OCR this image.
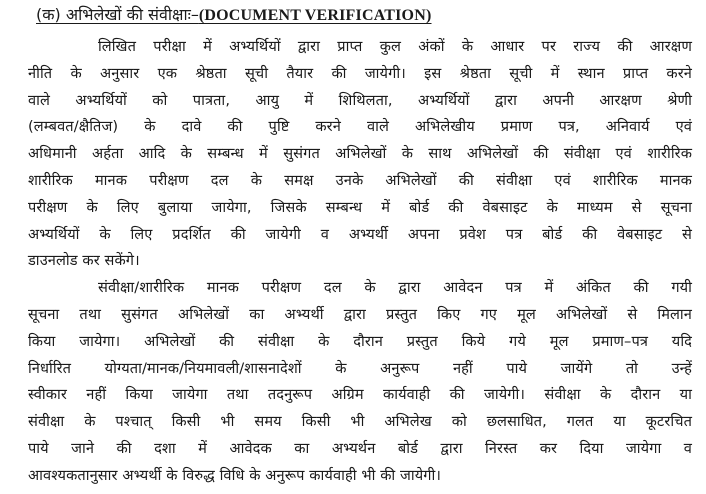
(क) अभिलेखों की संवीक्षाः–(DOCUMENT VERIFICATION)
लिखित परीक्षा में अभ्यर्थियों द्वारा प्राप्त कुल अंकों के आधार पर राज्य की आरक्षण
नीति के अनुसार एक श्रेष्ठता सूची तैयार की जायेगी। इस श्रेष्ठता सूची में स्थान प्राप्त करने
वाले अभ्यर्थियों को पात्रता, आयु में शिथिलता, अभ्यर्थियों द्वारा अपनी आरक्षण श्रेणी
(लम्बवत/क्षैतिज) के दावे की पुष्टि करने वाले अभिलेखीय प्रमाण पत्र, अनिवार्य एवं
अधिमानी अर्हता आदि के सम्बन्ध में सुसंगत अभिलेखों के साथ अभिलेखों की संवीक्षा एवं शारीरिक
शारीरिक मानक परीक्षण दल के समक्ष उनके अभिलेखों की संवीक्षा एवं शारीरिक मानक
परीक्षण के लिए बुलाया जायेगा, जिसके सम्बन्ध में बोर्ड की वेबसाइट के माध्यम से सूचना
अभ्यर्थियों के लिए प्रदर्शित की जायेगी व अभ्यर्थी अपना प्रवेश पत्र बोर्ड की वेबसाइट से
डाउनलोड कर सकेंगे।
संवीक्षा/शारीरिक मानक परीक्षण दल के द्वारा आवेदन पत्र में अंकित की गयी
सूचना तथा सुसंगत अभिलेखों का अभ्यर्थी द्वारा प्रस्तुत किए गए मूल अभिलेखों से मिलान
किया जायेगा। अभिलेखों की संवीक्षा के दौरान प्रस्तुत किये गये मूल प्रमाण–पत्र यदि
निर्धारित योग्यता/मानक/नियमावली/शासनादेशों के अनुरूप नहीं पाये जायेंगे तो उन्हें
स्वीकार नहीं किया जायेगा तथा तदनुरूप अग्रिम कार्यवाही की जायेगी। संवीक्षा के दौरान या
संवीक्षा के पश्चात् किसी भी समय किसी भी अभिलेख को छलसाधित, गलत या कूटरचित
पाये जाने की दशा में आवेदक का अभ्यर्थन बोर्ड द्वारा निरस्त कर दिया जायेगा व
आवश्यकतानुसार अभ्यर्थी के विरुद्ध विधि के अनुरूप कार्यवाही भी की जायेगी।
